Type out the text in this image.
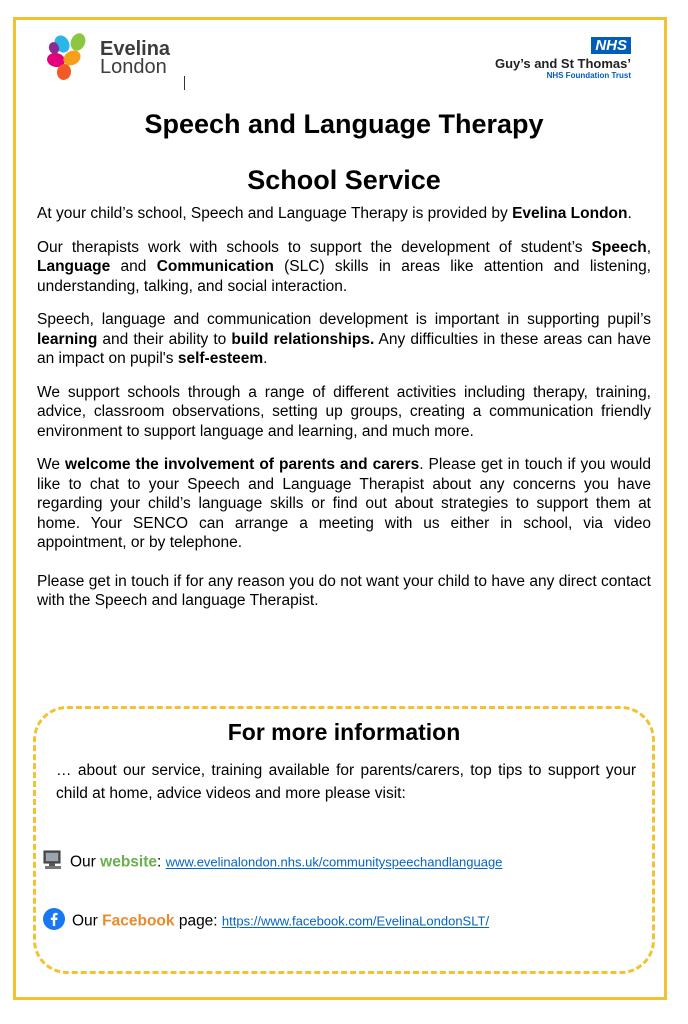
Evelina
London
NHS
Guy’s and St Thomas’
NHS Foundation Trust
Speech and Language Therapy
School Service

At your child’s school, Speech and Language Therapy is provided by Evelina London.

Our therapists work with schools to support the development of student’s Speech, Language and Communication (SLC) skills in areas like attention and listening, understanding, talking, and social interaction.

Speech, language and communication development is important in supporting pupil’s learning and their ability to build relationships. Any difficulties in these areas can have an impact on pupil's self-esteem.

We support schools through a range of different activities including therapy, training, advice, classroom observations, setting up groups, creating a communication friendly environment to support language and learning, and much more.

We welcome the involvement of parents and carers. Please get in touch if you would like to chat to your Speech and Language Therapist about any concerns you have regarding your child’s language skills or find out about strategies to support them at home. Your SENCO can arrange a meeting with us either in school, via video appointment, or by telephone.

Please get in touch if for any reason you do not want your child to have any direct contact with the Speech and language Therapist.

For more information

… about our service, training available for parents/carers, top tips to support your child at home, advice videos and more please visit:

Our website: www.evelinalondon.nhs.uk/communityspeechandlanguage
Our Facebook page: https://www.facebook.com/EvelinaLondonSLT/
